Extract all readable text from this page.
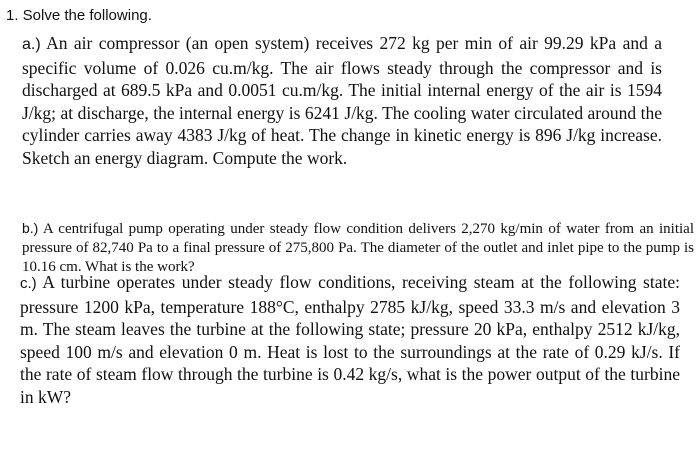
1. Solve the following.

a.) An air compressor (an open system) receives 272 kg per min of air 99.29 kPa and a specific volume of 0.026 cu.m/kg. The air flows steady through the compressor and is discharged at 689.5 kPa and 0.0051 cu.m/kg. The initial internal energy of the air is 1594 J/kg; at discharge, the internal energy is 6241 J/kg. The cooling water circulated around the cylinder carries away 4383 J/kg of heat. The change in kinetic energy is 896 J/kg increase. Sketch an energy diagram. Compute the work.

b.) A centrifugal pump operating under steady flow condition delivers 2,270 kg/min of water from an initial pressure of 82,740 Pa to a final pressure of 275,800 Pa. The diameter of the outlet and inlet pipe to the pump is 10.16 cm. What is the work?

c.) A turbine operates under steady flow conditions, receiving steam at the following state: pressure 1200 kPa, temperature 188°C, enthalpy 2785 kJ/kg, speed 33.3 m/s and elevation 3 m. The steam leaves the turbine at the following state; pressure 20 kPa, enthalpy 2512 kJ/kg, speed 100 m/s and elevation 0 m. Heat is lost to the surroundings at the rate of 0.29 kJ/s. If the rate of steam flow through the turbine is 0.42 kg/s, what is the power output of the turbine in kW?
